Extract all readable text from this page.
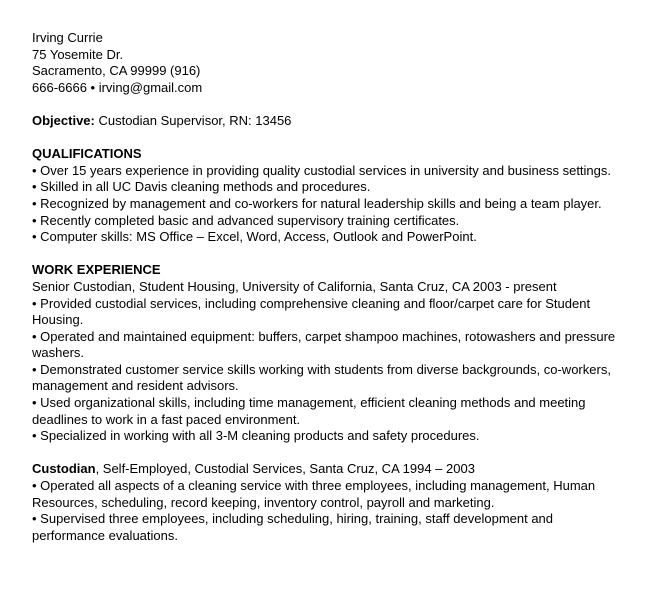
Irving Currie
75 Yosemite Dr.
Sacramento, CA 99999 (916)
666-6666 • irving@gmail.com
Objective: Custodian Supervisor, RN: 13456
QUALIFICATIONS
• Over 15 years experience in providing quality custodial services in university and business settings.
• Skilled in all UC Davis cleaning methods and procedures.
• Recognized by management and co-workers for natural leadership skills and being a team player.
• Recently completed basic and advanced supervisory training certificates.
• Computer skills: MS Office – Excel, Word, Access, Outlook and PowerPoint.
WORK EXPERIENCE
Senior Custodian, Student Housing, University of California, Santa Cruz, CA 2003 - present
• Provided custodial services, including comprehensive cleaning and floor/carpet care for Student Housing.
• Operated and maintained equipment: buffers, carpet shampoo machines, rotowashers and pressure washers.
• Demonstrated customer service skills working with students from diverse backgrounds, co-workers, management and resident advisors.
• Used organizational skills, including time management, efficient cleaning methods and meeting deadlines to work in a fast paced environment.
• Specialized in working with all 3-M cleaning products and safety procedures.
Custodian, Self-Employed, Custodial Services, Santa Cruz, CA 1994 – 2003
• Operated all aspects of a cleaning service with three employees, including management, Human Resources, scheduling, record keeping, inventory control, payroll and marketing.
• Supervised three employees, including scheduling, hiring, training, staff development and performance evaluations.
